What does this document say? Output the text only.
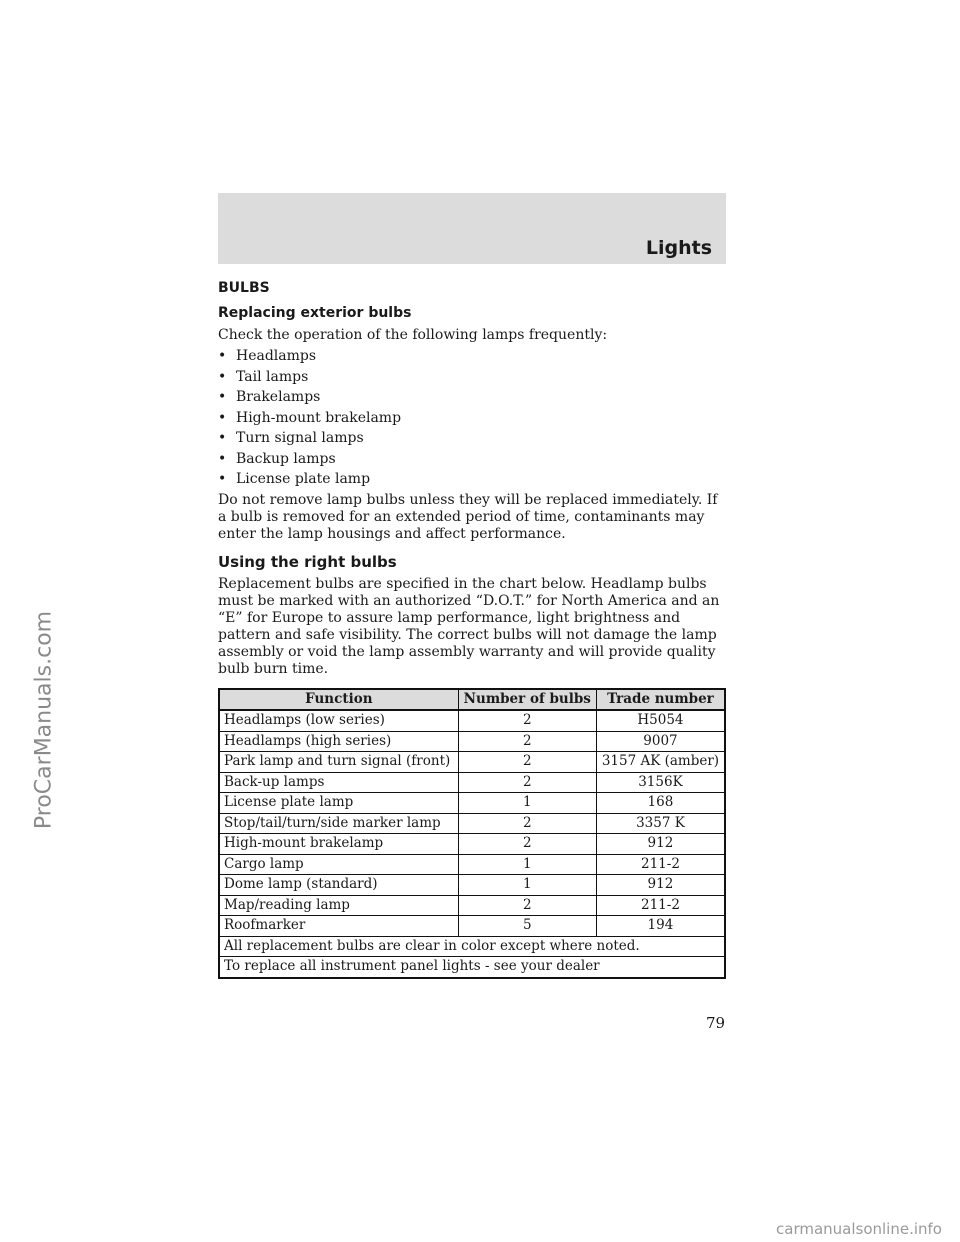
Lights
BULBS
Replacing exterior bulbs

Check the operation of the following lamps frequently:

• Headlamps
• Tail lamps
• Brakelamps
• High-mount brakelamp
• Turn signal lamps
• Backup lamps
• License plate lamp

Do not remove lamp bulbs unless they will be replaced immediately. If a bulb is removed for an extended period of time, contaminants may enter the lamp housings and affect performance.

Using the right bulbs

Replacement bulbs are specified in the chart below. Headlamp bulbs must be marked with an authorized “D.O.T.” for North America and an “E” for Europe to assure lamp performance, light brightness and pattern and safe visibility. The correct bulbs will not damage the lamp assembly or void the lamp assembly warranty and will provide quality bulb burn time.

Function	Number of bulbs	Trade number
Headlamps (low series)	2	H5054
Headlamps (high series)	2	9007
Park lamp and turn signal (front)	2	3157 AK (amber)
Back-up lamps	2	3156K
License plate lamp	1	168
Stop/tail/turn/side marker lamp	2	3357 K
High-mount brakelamp	2	912
Cargo lamp	1	211-2
Dome lamp (standard)	1	912
Map/reading lamp	2	211-2
Roofmarker	5	194
All replacement bulbs are clear in color except where noted.		
To replace all instrument panel lights - see your dealer		
79
ProCarManuals.com
carmanualsonline.info
